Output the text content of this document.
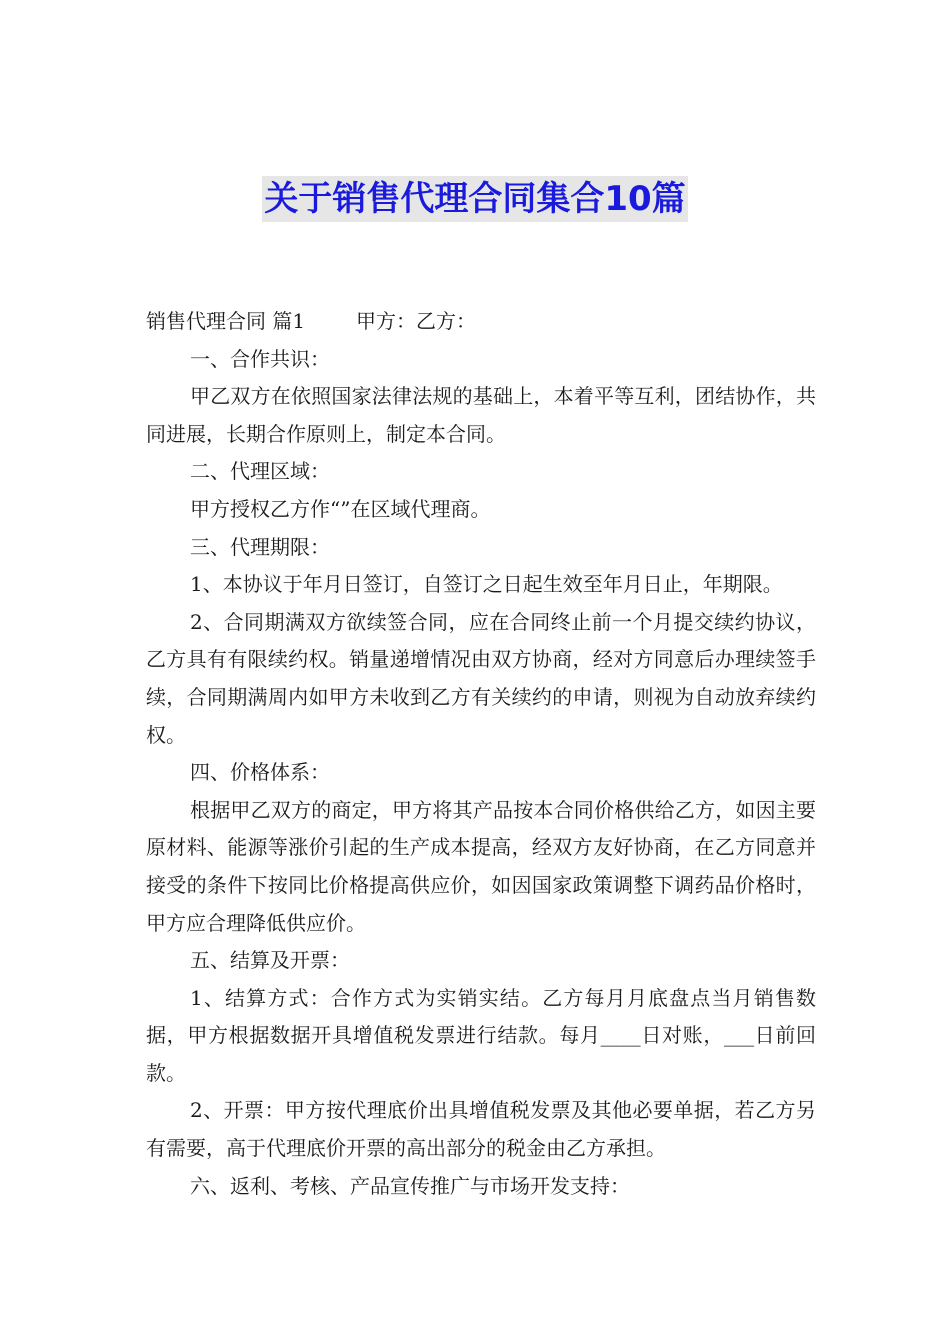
关于销售代理合同集合10篇

销售代理合同 篇1        甲方：乙方：

一、合作共识：

甲乙双方在依照国家法律法规的基础上，本着平等互利，团结协作，共同进展，长期合作原则上，制定本合同。

二、代理区域：

甲方授权乙方作“”在区域代理商。

三、代理期限：

1、本协议于年月日签订，自签订之日起生效至年月日止，年期限。

2、合同期满双方欲续签合同，应在合同终止前一个月提交续约协议，乙方具有有限续约权。销量递增情况由双方协商，经对方同意后办理续签手续，合同期满周内如甲方未收到乙方有关续约的申请，则视为自动放弃续约权。

四、价格体系：

根据甲乙双方的商定，甲方将其产品按本合同价格供给乙方，如因主要原材料、能源等涨价引起的生产成本提高，经双方友好协商，在乙方同意并接受的条件下按同比价格提高供应价，如因国家政策调整下调药品价格时，甲方应合理降低供应价。

五、结算及开票：

1、结算方式：合作方式为实销实结。乙方每月月底盘点当月销售数据，甲方根据数据开具增值税发票进行结款。每月____日对账，___日前回款。

2、开票：甲方按代理底价出具增值税发票及其他必要单据，若乙方另有需要，高于代理底价开票的高出部分的税金由乙方承担。

六、返利、考核、产品宣传推广与市场开发支持：
